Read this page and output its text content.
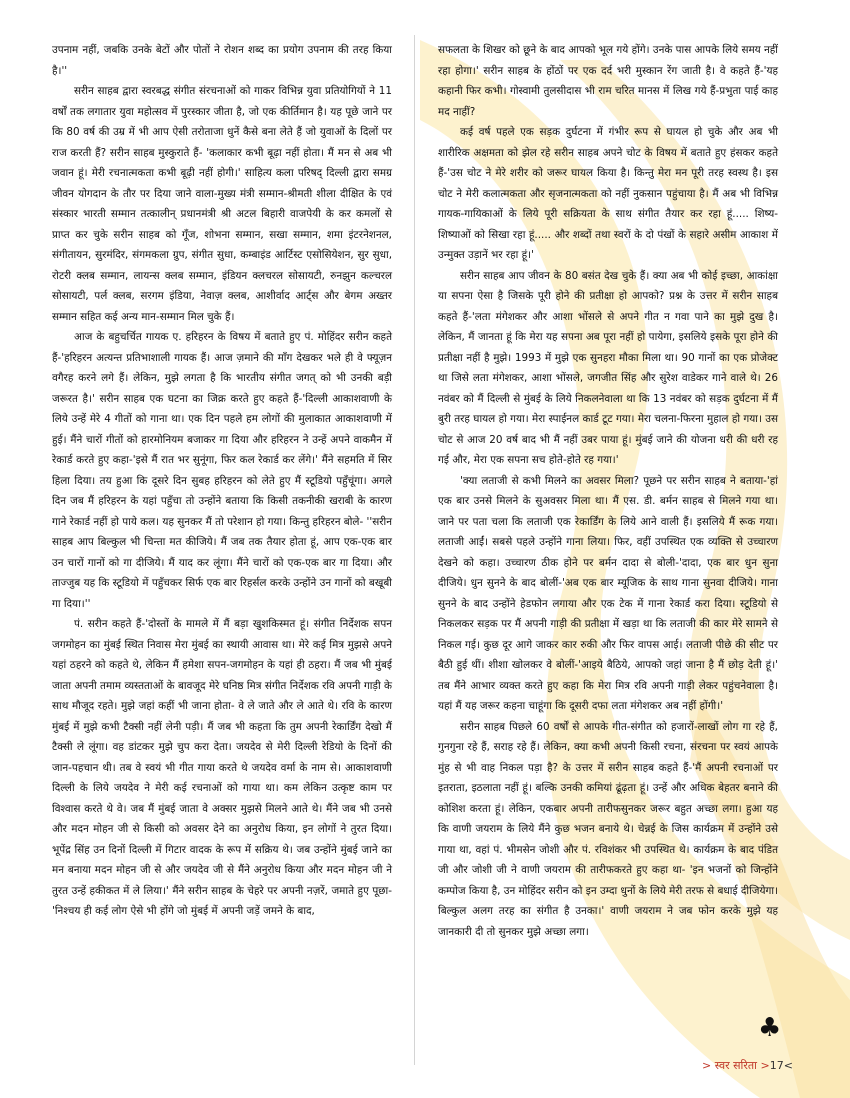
उपनाम नहीं, जबकि उनके बेटों और पोतों ने रोशन शब्द का प्रयोग उपनाम की तरह किया है।''

सरीन साहब द्वारा स्वरबद्ध संगीत संरचनाओं को गाकर विभिन्न युवा प्रतियोगियों ने 11 वर्षों तक लगातार युवा महोत्सव में पुरस्कार जीता है, जो एक कीर्तिमान है। यह पूछे जाने पर कि 80 वर्ष की उम्र में भी आप ऐसी तरोताजा धुनें कैसे बना लेते हैं जो युवाओं के दिलों पर राज करती हैं? सरीन साहब मुस्कुराते हैं- 'कलाकार कभी बूढ़ा नहीं होता। मैं मन से अब भी जवान हूं। मेरी रचनात्मकता कभी बूढ़ी नहीं होगी।' साहित्य कला परिषद् दिल्ली द्वारा समग्र जीवन योगदान के तौर पर दिया जाने वाला-मुख्य मंत्री सम्मान-श्रीमती शीला दीक्षित के एवं संस्कार भारती सम्मान तत्कालीन् प्रधानमंत्री श्री अटल बिहारी वाजपेयी के कर कमलों से प्राप्त कर चुके सरीन साहब को गूँज, शोभना सम्मान, सखा सम्मान, शमा इंटरनेशनल, संगीतायन, सुरमंदिर, संगमकला ग्रुप, संगीत सुधा, कम्बाइंड आर्टिस्ट एसोसियेशन, सुर सुधा, रोटरी क्लब सम्मान, लायन्स क्लब सम्मान, इंडियन क्लचरल सोसायटी, रुनझुन कल्चरल सोसायटी, पर्ल क्लब, सरगम इंडिया, नेवाज़ क्लब, आशीर्वाद आर्ट्स और बेगम अख्तर सम्मान सहित कई अन्य मान-सम्मान मिल चुके हैं।

आज के बहुचर्चित गायक ए. हरिहरन के विषय में बताते हुए पं. मोहिंदर सरीन कहते हैं-'हरिहरन अत्यन्त प्रतिभाशाली गायक हैं। आज ज़माने की माँग देखकर भले ही वे फ्यूज़न वगैरह करने लगे हैं। लेकिन, मुझे लगता है कि भारतीय संगीत जगत् को भी उनकी बड़ी जरूरत है।' सरीन साहब एक घटना का जिक्र करते हुए कहते हैं-'दिल्ली आकाशवाणी के लिये उन्हें मेरे 4 गीतों को गाना था। एक दिन पहले हम लोगों की मुलाकात आकाशवाणी में हुई। मैंने चारों गीतों को हारमोनियम बजाकर गा दिया और हरिहरन ने उन्हें अपने वाकमैन में रेकार्ड करते हुए कहा-'इसे मैं रात भर सुनूंगा, फिर कल रेकार्ड कर लेंगे।' मैंने सहमति में सिर हिला दिया। तय हुआ कि दूसरे दिन सुबह हरिहरन को लेते हुए मैं स्टूडियो पहुँचूंगा। अगले दिन जब मैं हरिहरन के यहां पहुँचा तो उन्होंने बताया कि किसी तकनीकी खराबी के कारण गाने रेकार्ड नहीं हो पाये कल। यह सुनकर मैं तो परेशान हो गया। किन्तु हरिहरन बोले- ''सरीन साहब आप बिल्कुल भी चिन्ता मत कीजिये। मैं जब तक तैयार होता हूं, आप एक-एक बार उन चारों गानों को गा दीजिये। मैं याद कर लूंगा। मैंने चारों को एक-एक बार गा दिया। और ताज्जुब यह कि स्टूडियो में पहुँचकर सिर्फ एक बार रिहर्सल करके उन्होंने उन गानों को बखूबी गा दिया।''

पं. सरीन कहते हैं-'दोस्तों के मामले में मैं बड़ा खुशकिस्मत हूं। संगीत निर्देशक सपन जगमोहन का मुंबई स्थित निवास मेरा मुंबई का स्थायी आवास था। मेरे कई मित्र मुझसे अपने यहां ठहरने को कहते थे, लेकिन मैं हमेशा सपन-जगमोहन के यहां ही ठहरा। मैं जब भी मुंबई जाता अपनी तमाम व्यस्तताओं के बावजूद मेरे घनिष्ठ मित्र संगीत निर्देशक रवि अपनी गाड़ी के साथ मौजूद रहते। मुझे जहां कहीं भी जाना होता- वे ले जाते और ले आते थे। रवि के कारण मुंबई में मुझे कभी टैक्सी नहीं लेनी पड़ी। मैं जब भी कहता कि तुम अपनी रेकार्डिंग देखो मैं टैक्सी ले लूंगा। वह डांटकर मुझे चुप करा देता। जयदेव से मेरी दिल्ली रेडियो के दिनों की जान-पहचान थी। तब वे स्वयं भी गीत गाया करते थे जयदेव वर्मा के नाम से। आकाशवाणी दिल्ली के लिये जयदेव ने मेरी कई रचनाओं को गाया था। कम लेकिन उत्कृष्ट काम पर विश्वास करते थे वे। जब मैं मुंबई जाता वे अक्सर मुझसे मिलने आते थे। मैंने जब भी उनसे और मदन मोहन जी से किसी को अवसर देने का अनुरोध किया, इन लोगों ने तुरत दिया। भूपेंद्र सिंह उन दिनों दिल्ली में गिटार वादक के रूप में सक्रिय थे। जब उन्होंने मुंबई जाने का मन बनाया मदन मोहन जी से और जयदेव जी से मैंने अनुरोध किया और मदन मोहन जी ने तुरत उन्हें हकीकत में ले लिया।' मैंने सरीन साहब के चेहरे पर अपनी नज़रें, जमाते हुए पूछा-'निश्चय ही कई लोग ऐसे भी होंगे जो मुंबई में अपनी जड़ें जमने के बाद,

सफलता के शिखर को छूने के बाद आपको भूल गये होंगे। उनके पास आपके लिये समय नहीं रहा होगा।' सरीन साहब के होंठों पर एक दर्द भरी मुस्कान रेंग जाती है। वे कहते हैं-'यह कहानी फिर कभी। गोस्वामी तुलसीदास भी राम चरित मानस में लिख गये हैं-प्रभुता पाई काह मद नाहीं?

कई वर्ष पहले एक सड़क दुर्घटना में गंभीर रूप से घायल हो चुके और अब भी शारीरिक अक्षमता को झेल रहे सरीन साहब अपने चोट के विषय में बताते हुए हंसकर कहते हैं-'उस चोट ने मेरे शरीर को जरूर घायल किया है। किन्तु मेरा मन पूरी तरह स्वस्थ है। इस चोट ने मेरी कलात्मकता और सृजनात्मकता को नहीं नुकसान पहुंचाया है। मैं अब भी विभिन्न गायक-गायिकाओं के लिये पूरी सक्रियता के साथ संगीत तैयार कर रहा हूं..... शिष्य-शिष्याओं को सिखा रहा हूं..... और शब्दों तथा स्वरों के दो पंखों के सहारे असीम आकाश में उन्मुक्त उड़ानें भर रहा हूं।'

सरीन साहब आप जीवन के 80 बसंत देख चुके हैं। क्या अब भी कोई इच्छा, आकांक्षा या सपना ऐसा है जिसके पूरी होने की प्रतीक्षा हो आपको? प्रश्न के उत्तर में सरीन साहब कहते हैं-'लता मंगेशकर और आशा भोंसले से अपने गीत न गवा पाने का मुझे दुख है। लेकिन, मैं जानता हूं कि मेरा यह सपना अब पूरा नहीं हो पायेगा, इसलिये इसके पूरा होने की प्रतीक्षा नहीं है मुझे। 1993 में मुझे एक सुनहरा मौका मिला था। 90 गानों का एक प्रोजेक्ट था जिसे लता मंगेशकर, आशा भोंसले, जगजीत सिंह और सुरेश वाडेकर गाने वाले थे। 26 नवंबर को मैं दिल्ली से मुंबई के लिये निकलनेवाला था कि 13 नवंबर को सड़क दुर्घटना में मैं बुरी तरह घायल हो गया। मेरा स्पाईनल कार्ड टूट गया। मेरा चलना-फिरना मुहाल हो गया। उस चोट से आज 20 वर्ष बाद भी मैं नहीं उबर पाया हूं। मुंबई जाने की योजना धरी की धरी रह गई और, मेरा एक सपना सच होते-होते रह गया।'

'क्या लताजी से कभी मिलने का अवसर मिला? पूछने पर सरीन साहब ने बताया-'हां एक बार उनसे मिलने के सुअवसर मिला था। मैं एस. डी. बर्मन साहब से मिलने गया था। जाने पर पता चला कि लताजी एक रेकार्डिंग के लिये आने वाली हैं। इसलिये मैं रूक गया। लताजी आईं। सबसे पहले उन्होंने गाना लिया। फिर, वहीं उपस्थित एक व्यक्ति से उच्चारण देखने को कहा। उच्चारण ठीक होने पर बर्मन दादा से बोली-'दादा, एक बार धुन सुना दीजिये। धुन सुनने के बाद बोलीं-'अब एक बार म्यूजिक के साथ गाना सुनवा दीजिये। गाना सुनने के बाद उन्होंने हेडफोन लगाया और एक टेक में गाना रेकार्ड करा दिया। स्टूडियो से निकलकर सड़क पर मैं अपनी गाड़ी की प्रतीक्षा में खड़ा था कि लताजी की कार मेरे सामने से निकल गई। कुछ दूर आगे जाकर कार रुकी और फिर वापस आई। लताजी पीछे की सीट पर बैठी हुई थीं। शीशा खोलकर वे बोलीं-'आइये बैठिये, आपको जहां जाना है मैं छोड़ देती हूं।' तब मैंने आभार व्यक्त करते हुए कहा कि मेरा मित्र रवि अपनी गाड़ी लेकर पहुंचनेवाला है। यहां मैं यह जरूर कहना चाहूंगा कि दूसरी दफा लता मंगेशकर अब नहीं होंगी।'

सरीन साहब पिछले 60 वर्षों से आपके गीत-संगीत को हजारों-लाखों लोग गा रहे हैं, गुनगुना रहे हैं, सराह रहे हैं। लेकिन, क्या कभी अपनी किसी रचना, संरचना पर स्वयं आपके मुंह से भी वाह निकल पड़ा है? के उत्तर में सरीन साहब कहते हैं-'मैं अपनी रचनाओं पर इतराता, इठलाता नहीं हूं। बल्कि उनकी कमियां ढूंढ़ता हूं। उन्हें और अधिक बेहतर बनाने की कोशिश करता हूं। लेकिन, एकबार अपनी तारीफसुनकर जरूर बहुत अच्छा लगा। हुआ यह कि वाणी जयराम के लिये मैंने कुछ भजन बनाये थे। चेन्नई के जिस कार्यक्रम में उन्होंने उसे गाया था, वहां पं. भीमसेन जोशी और पं. रविशंकर भी उपस्थित थे। कार्यक्रम के बाद पंडित जी और जोशी जी ने वाणी जयराम की तारीफकरते हुए कहा था- 'इन भजनों को जिन्होंने कम्पोज किया है, उन मोहिंदर सरीन को इन उम्दा धुनों के लिये मेरी तरफ से बधाई दीजियेगा। बिल्कुल अलग तरह का संगीत है उनका।' वाणी जयराम ने जब फोन करके मुझे यह जानकारी दी तो सुनकर मुझे अच्छा लगा।

♣
> स्वर सरिता >17<
